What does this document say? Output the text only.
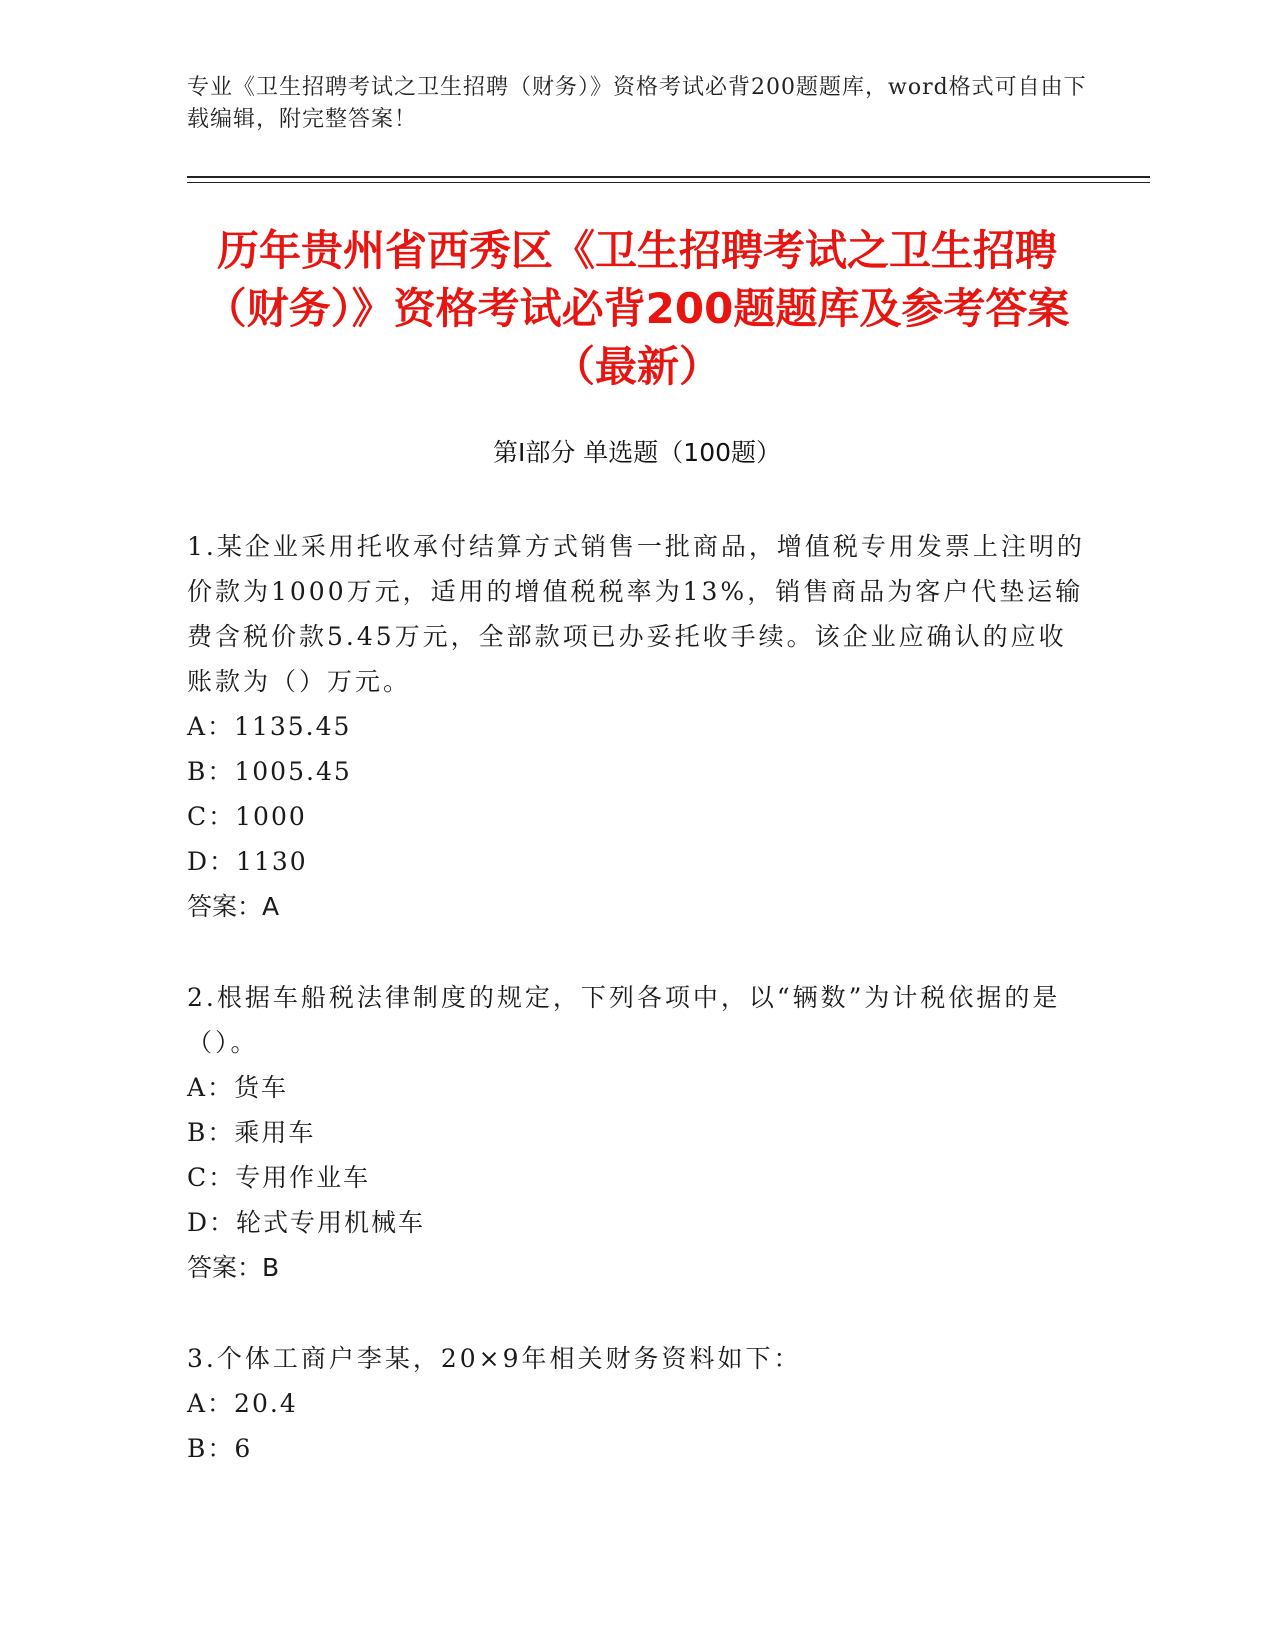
专业《卫生招聘考试之卫生招聘（财务）》资格考试必背200题题库，word格式可自由下载编辑，附完整答案！
历年贵州省西秀区《卫生招聘考试之卫生招聘（财务）》资格考试必背200题题库及参考答案（最新）
第I部分 单选题（100题）

1.某企业采用托收承付结算方式销售一批商品，增值税专用发票上注明的价款为1000万元，适用的增值税税率为13%，销售商品为客户代垫运输费含税价款5.45万元，全部款项已办妥托收手续。该企业应确认的应收账款为（）万元。

A：1135.45

B：1005.45

C：1000

D：1130

答案：A

2.根据车船税法律制度的规定，下列各项中，以“辆数”为计税依据的是（）。

A：货车

B：乘用车

C：专用作业车

D：轮式专用机械车

答案：B

3.个体工商户李某，20×9年相关财务资料如下：

A：20.4

B：6
